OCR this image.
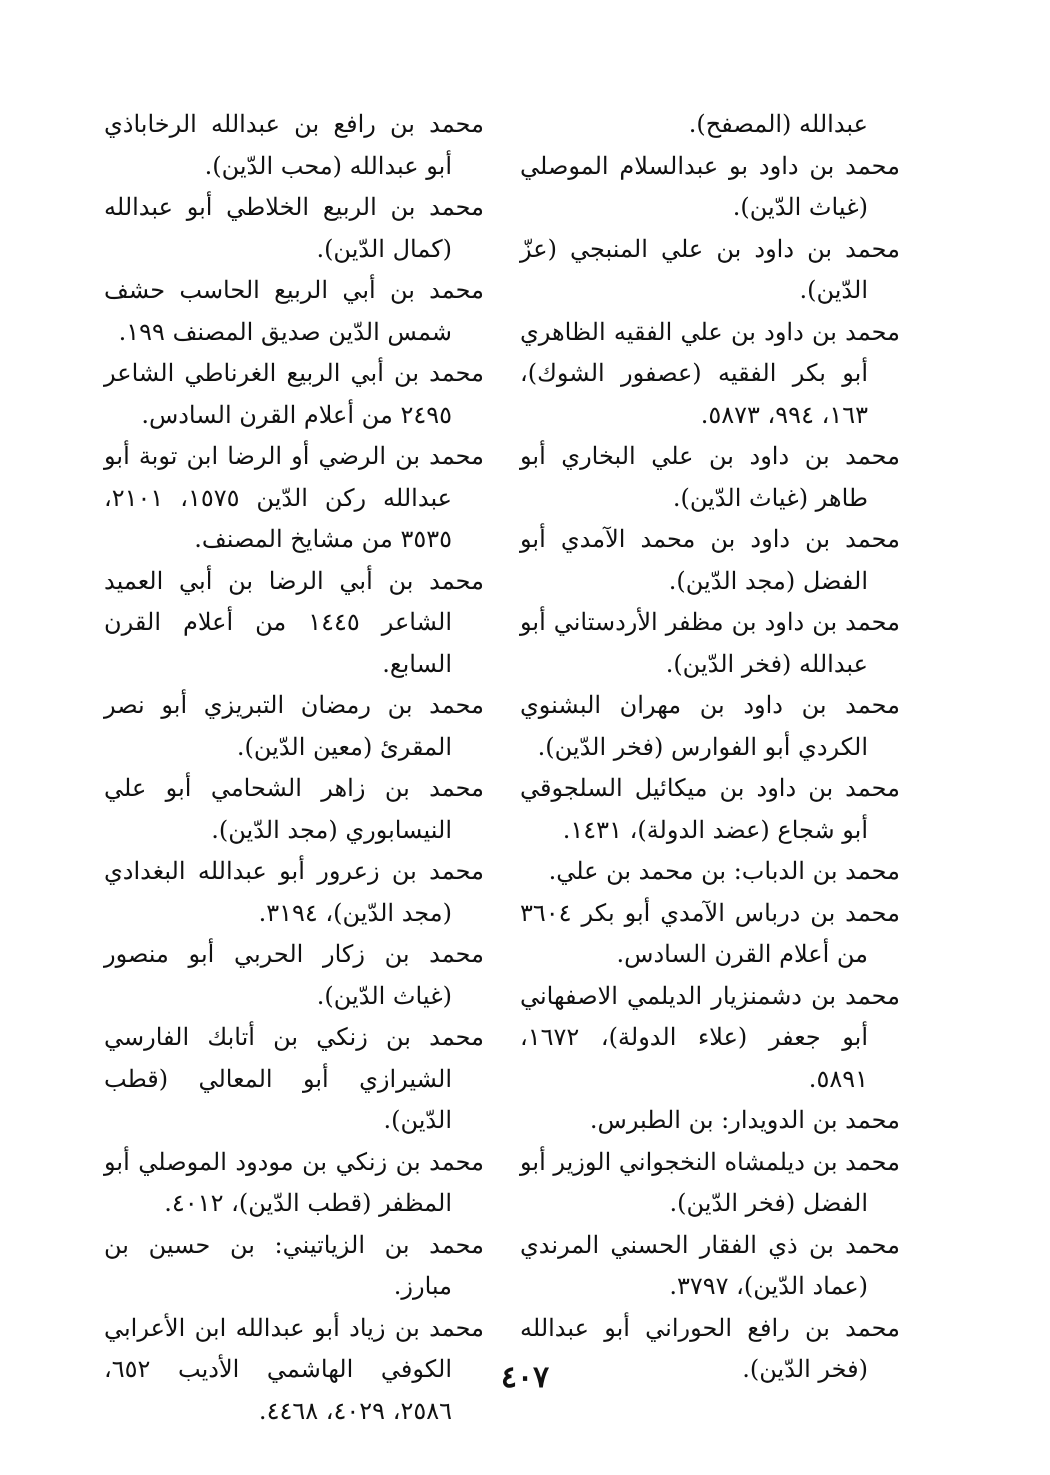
عبدالله (المصفح).

محمد بن داود بو عبدالسلام الموصلي (غياث الدّين).

محمد بن داود بن علي المنبجي (عزّ الدّين).

محمد بن داود بن علي الفقيه الظاهري أبو بكر الفقيه (عصفور الشوك)، ١٦٣، ٩٩٤، ٥٨٧٣.

محمد بن داود بن علي البخاري أبو طاهر (غياث الدّين).

محمد بن داود بن محمد الآمدي أبو الفضل (مجد الدّين).

محمد بن داود بن مظفر الأردستاني أبو عبدالله (فخر الدّين).

محمد بن داود بن مهران البشنوي الكردي أبو الفوارس (فخر الدّين).

محمد بن داود بن ميكائيل السلجوقي أبو شجاع (عضد الدولة)، ١٤٣١.

محمد بن الدباب: بن محمد بن علي.

محمد بن درباس الآمدي أبو بكر ٣٦٠٤ من أعلام القرن السادس.

محمد بن دشمنزيار الديلمي الاصفهاني أبو جعفر (علاء الدولة)، ١٦٧٢، ٥٨٩١.

محمد بن الدويدار: بن الطبرس.

محمد بن ديلمشاه النخجواني الوزير أبو الفضل (فخر الدّين).

محمد بن ذي الفقار الحسني المرندي (عماد الدّين)، ٣٧٩٧.

محمد بن رافع الحوراني أبو عبدالله (فخر الدّين).

محمد بن رافع بن عبدالله الرخاباذي أبو عبدالله (محب الدّين).

محمد بن الربيع الخلاطي أبو عبدالله (كمال الدّين).

محمد بن أبي الربيع الحاسب حشف شمس الدّين صديق المصنف ١٩٩.

محمد بن أبي الربيع الغرناطي الشاعر ٢٤٩٥ من أعلام القرن السادس.

محمد بن الرضي أو الرضا ابن توبة أبو عبدالله ركن الدّين ١٥٧٥، ٢١٠١، ٣٥٣٥ من مشايخ المصنف.

محمد بن أبي الرضا بن أبي العميد الشاعر ١٤٤٥ من أعلام القرن السابع.

محمد بن رمضان التبريزي أبو نصر المقرئ (معين الدّين).

محمد بن زاهر الشحامي أبو علي النيسابوري (مجد الدّين).

محمد بن زعرور أبو عبدالله البغدادي (مجد الدّين)، ٣١٩٤.

محمد بن زكار الحربي أبو منصور (غياث الدّين).

محمد بن زنكي بن أتابك الفارسي الشيرازي أبو المعالي (قطب الدّين).

محمد بن زنكي بن مودود الموصلي أبو المظفر (قطب الدّين)، ٤٠١٢.

محمد بن الزياتيني: بن حسين بن مبارز.

محمد بن زياد أبو عبدالله ابن الأعرابي الكوفي الهاشمي الأديب ٦٥٢، ٢٥٨٦، ٤٠٢٩، ٤٤٦٨.

٤٠٧
